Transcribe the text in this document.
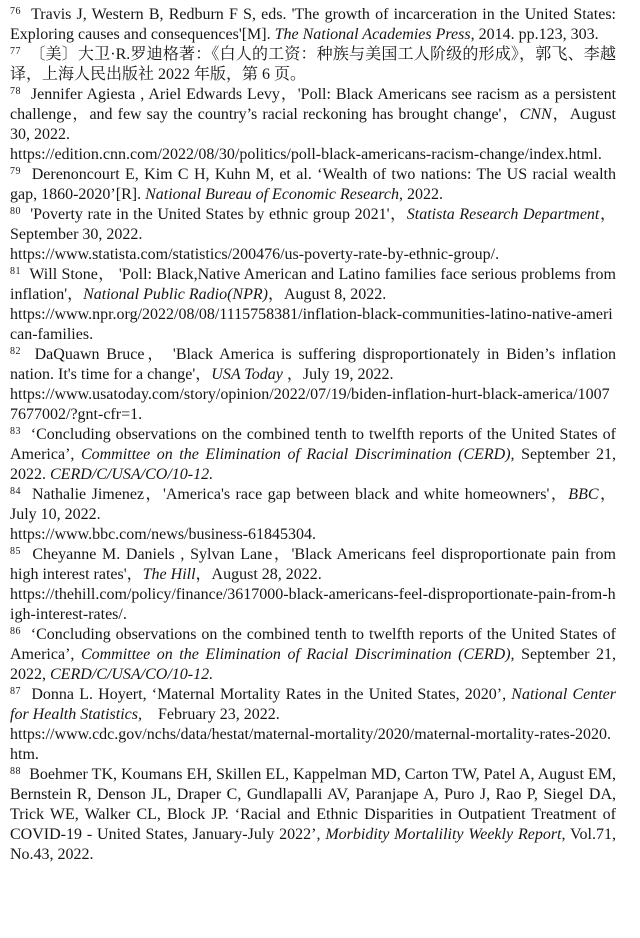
$^{76}$ Travis J, Western B, Redburn F S, eds. 'The growth of incarceration in the United States: Exploring causes and consequences'[M]. The National Academies Press, 2014. pp.123, 303.
$^{77}$ 〔美〕大卫·R.罗迪格著：《白人的工资：种族与美国工人阶级的形成》，郭飞、李越译，上海人民出版社 2022 年版，第 6 页。
$^{78}$ Jennifer Agiesta , Ariel Edwards Levy，'Poll: Black Americans see racism as a persistent challenge，and few say the country’s racial reckoning has brought change'，CNN，August 30, 2022.
https://edition.cnn.com/2022/08/30/politics/poll-black-americans-racism-change/index.html.
$^{79}$ Derenoncourt E, Kim C H, Kuhn M, et al. ‘Wealth of two nations: The US racial wealth gap, 1860-2020’[R]. National Bureau of Economic Research, 2022.
$^{80}$ 'Poverty rate in the United States by ethnic group 2021'，Statista Research Department，September 30, 2022.
https://www.statista.com/statistics/200476/us-poverty-rate-by-ethnic-group/.
$^{81}$ Will Stone， 'Poll: Black,Native American and Latino families face serious problems from inflation'，National Public Radio(NPR)，August 8, 2022.
https://www.npr.org/2022/08/08/1115758381/inflation-black-communities-latino-native-american-families.
$^{82}$ DaQuawn Bruce， 'Black America is suffering disproportionately in Biden’s inflation nation. It's time for a change'，USA Today ，July 19, 2022.
https://www.usatoday.com/story/opinion/2022/07/19/biden-inflation-hurt-black-america/10077677002/?gnt-cfr=1.
$^{83}$ ‘Concluding observations on the combined tenth to twelfth reports of the United States of America’, Committee on the Elimination of Racial Discrimination (CERD), September 21, 2022. CERD/C/USA/CO/10-12.
$^{84}$ Nathalie Jimenez，'America's race gap between black and white homeowners'，BBC，July 10, 2022.
https://www.bbc.com/news/business-61845304.
$^{85}$ Cheyanne M. Daniels , Sylvan Lane，'Black Americans feel disproportionate pain from high interest rates'，The Hill，August 28, 2022.
https://thehill.com/policy/finance/3617000-black-americans-feel-disproportionate-pain-from-high-interest-rates/.
$^{86}$ ‘Concluding observations on the combined tenth to twelfth reports of the United States of America’, Committee on the Elimination of Racial Discrimination (CERD), September 21, 2022, CERD/C/USA/CO/10-12.
$^{87}$ Donna L. Hoyert, ‘Maternal Mortality Rates in the United States, 2020’, National Center for Health Statistics,　February 23, 2022.
https://www.cdc.gov/nchs/data/hestat/maternal-mortality/2020/maternal-mortality-rates-2020.htm.
$^{88}$ Boehmer TK, Koumans EH, Skillen EL, Kappelman MD, Carton TW, Patel A, August EM, Bernstein R, Denson JL, Draper C, Gundlapalli AV, Paranjape A, Puro J, Rao P, Siegel DA, Trick WE, Walker CL, Block JP. ‘Racial and Ethnic Disparities in Outpatient Treatment of COVID-19 - United States, January-July 2022’, Morbidity Mortalility Weekly Report, Vol.71, No.43, 2022.
